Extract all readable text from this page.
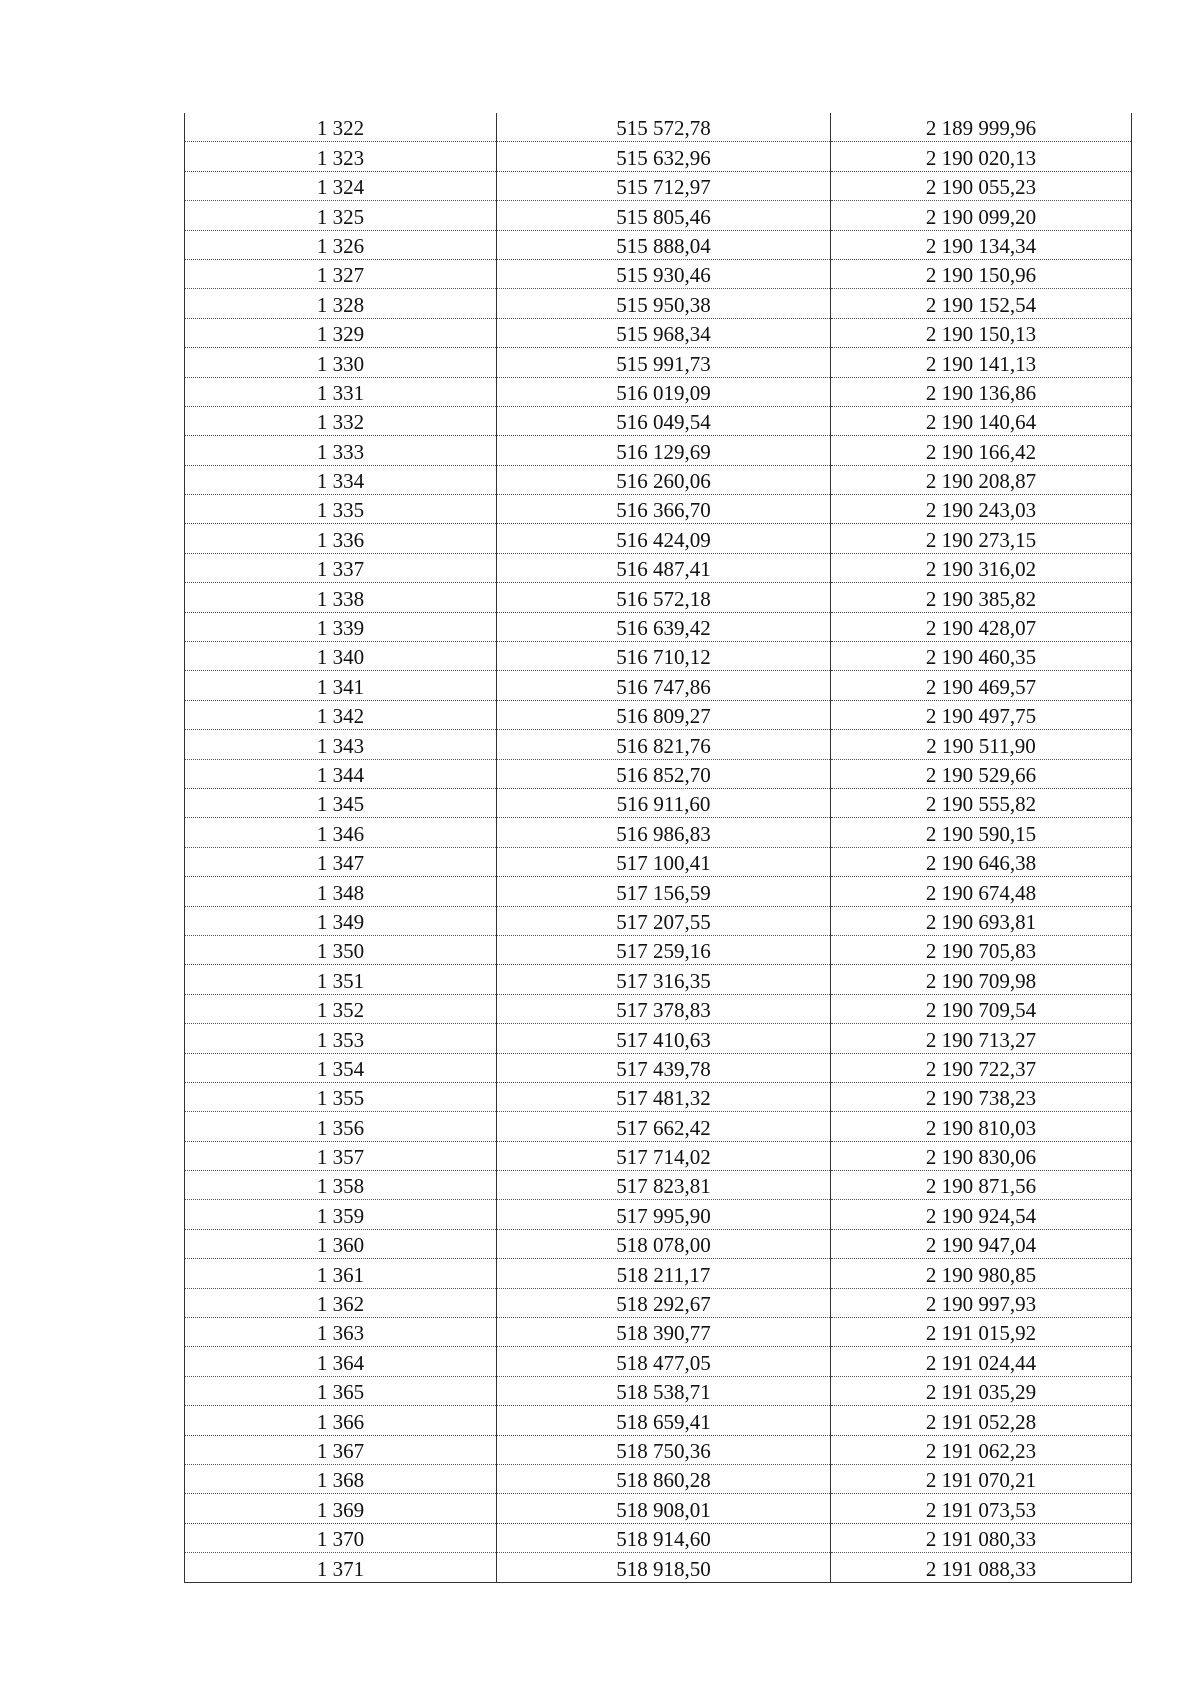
1 322	515 572,78	2 189 999,96
1 323	515 632,96	2 190 020,13
1 324	515 712,97	2 190 055,23
1 325	515 805,46	2 190 099,20
1 326	515 888,04	2 190 134,34
1 327	515 930,46	2 190 150,96
1 328	515 950,38	2 190 152,54
1 329	515 968,34	2 190 150,13
1 330	515 991,73	2 190 141,13
1 331	516 019,09	2 190 136,86
1 332	516 049,54	2 190 140,64
1 333	516 129,69	2 190 166,42
1 334	516 260,06	2 190 208,87
1 335	516 366,70	2 190 243,03
1 336	516 424,09	2 190 273,15
1 337	516 487,41	2 190 316,02
1 338	516 572,18	2 190 385,82
1 339	516 639,42	2 190 428,07
1 340	516 710,12	2 190 460,35
1 341	516 747,86	2 190 469,57
1 342	516 809,27	2 190 497,75
1 343	516 821,76	2 190 511,90
1 344	516 852,70	2 190 529,66
1 345	516 911,60	2 190 555,82
1 346	516 986,83	2 190 590,15
1 347	517 100,41	2 190 646,38
1 348	517 156,59	2 190 674,48
1 349	517 207,55	2 190 693,81
1 350	517 259,16	2 190 705,83
1 351	517 316,35	2 190 709,98
1 352	517 378,83	2 190 709,54
1 353	517 410,63	2 190 713,27
1 354	517 439,78	2 190 722,37
1 355	517 481,32	2 190 738,23
1 356	517 662,42	2 190 810,03
1 357	517 714,02	2 190 830,06
1 358	517 823,81	2 190 871,56
1 359	517 995,90	2 190 924,54
1 360	518 078,00	2 190 947,04
1 361	518 211,17	2 190 980,85
1 362	518 292,67	2 190 997,93
1 363	518 390,77	2 191 015,92
1 364	518 477,05	2 191 024,44
1 365	518 538,71	2 191 035,29
1 366	518 659,41	2 191 052,28
1 367	518 750,36	2 191 062,23
1 368	518 860,28	2 191 070,21
1 369	518 908,01	2 191 073,53
1 370	518 914,60	2 191 080,33
1 371	518 918,50	2 191 088,33
